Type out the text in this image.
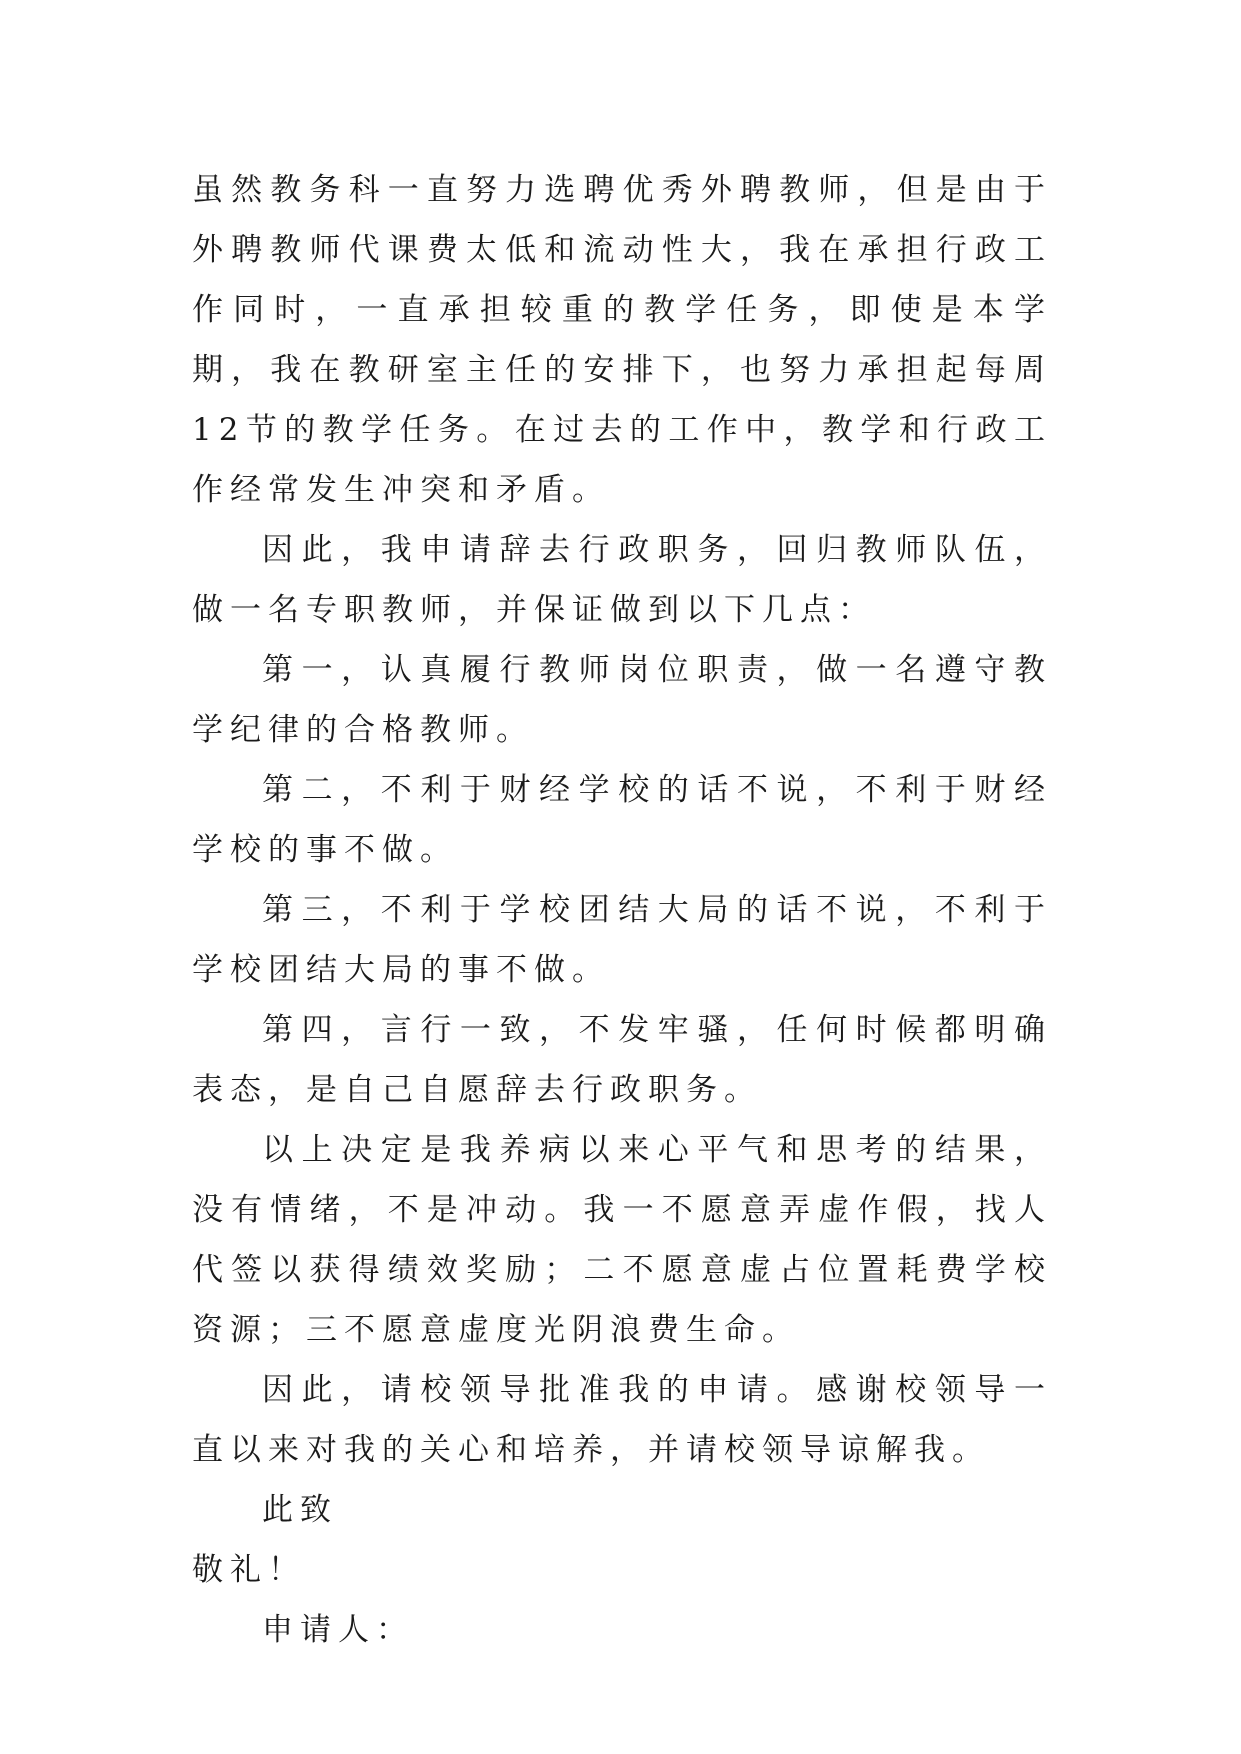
虽然教务科一直努力选聘优秀外聘教师，但是由于外聘教师代课费太低和流动性大，我在承担行政工作同时，一直承担较重的教学任务，即使是本学期，我在教研室主任的安排下，也努力承担起每周12节的教学任务。在过去的工作中，教学和行政工作经常发生冲突和矛盾。

因此，我申请辞去行政职务，回归教师队伍，做一名专职教师，并保证做到以下几点：

第一，认真履行教师岗位职责，做一名遵守教学纪律的合格教师。

第二，不利于财经学校的话不说，不利于财经学校的事不做。

第三，不利于学校团结大局的话不说，不利于学校团结大局的事不做。

第四，言行一致，不发牢骚，任何时候都明确表态，是自己自愿辞去行政职务。

以上决定是我养病以来心平气和思考的结果，没有情绪，不是冲动。我一不愿意弄虚作假，找人代签以获得绩效奖励；二不愿意虚占位置耗费学校资源；三不愿意虚度光阴浪费生命。

因此，请校领导批准我的申请。感谢校领导一直以来对我的关心和培养，并请校领导谅解我。

此致

敬礼！

申请人：
